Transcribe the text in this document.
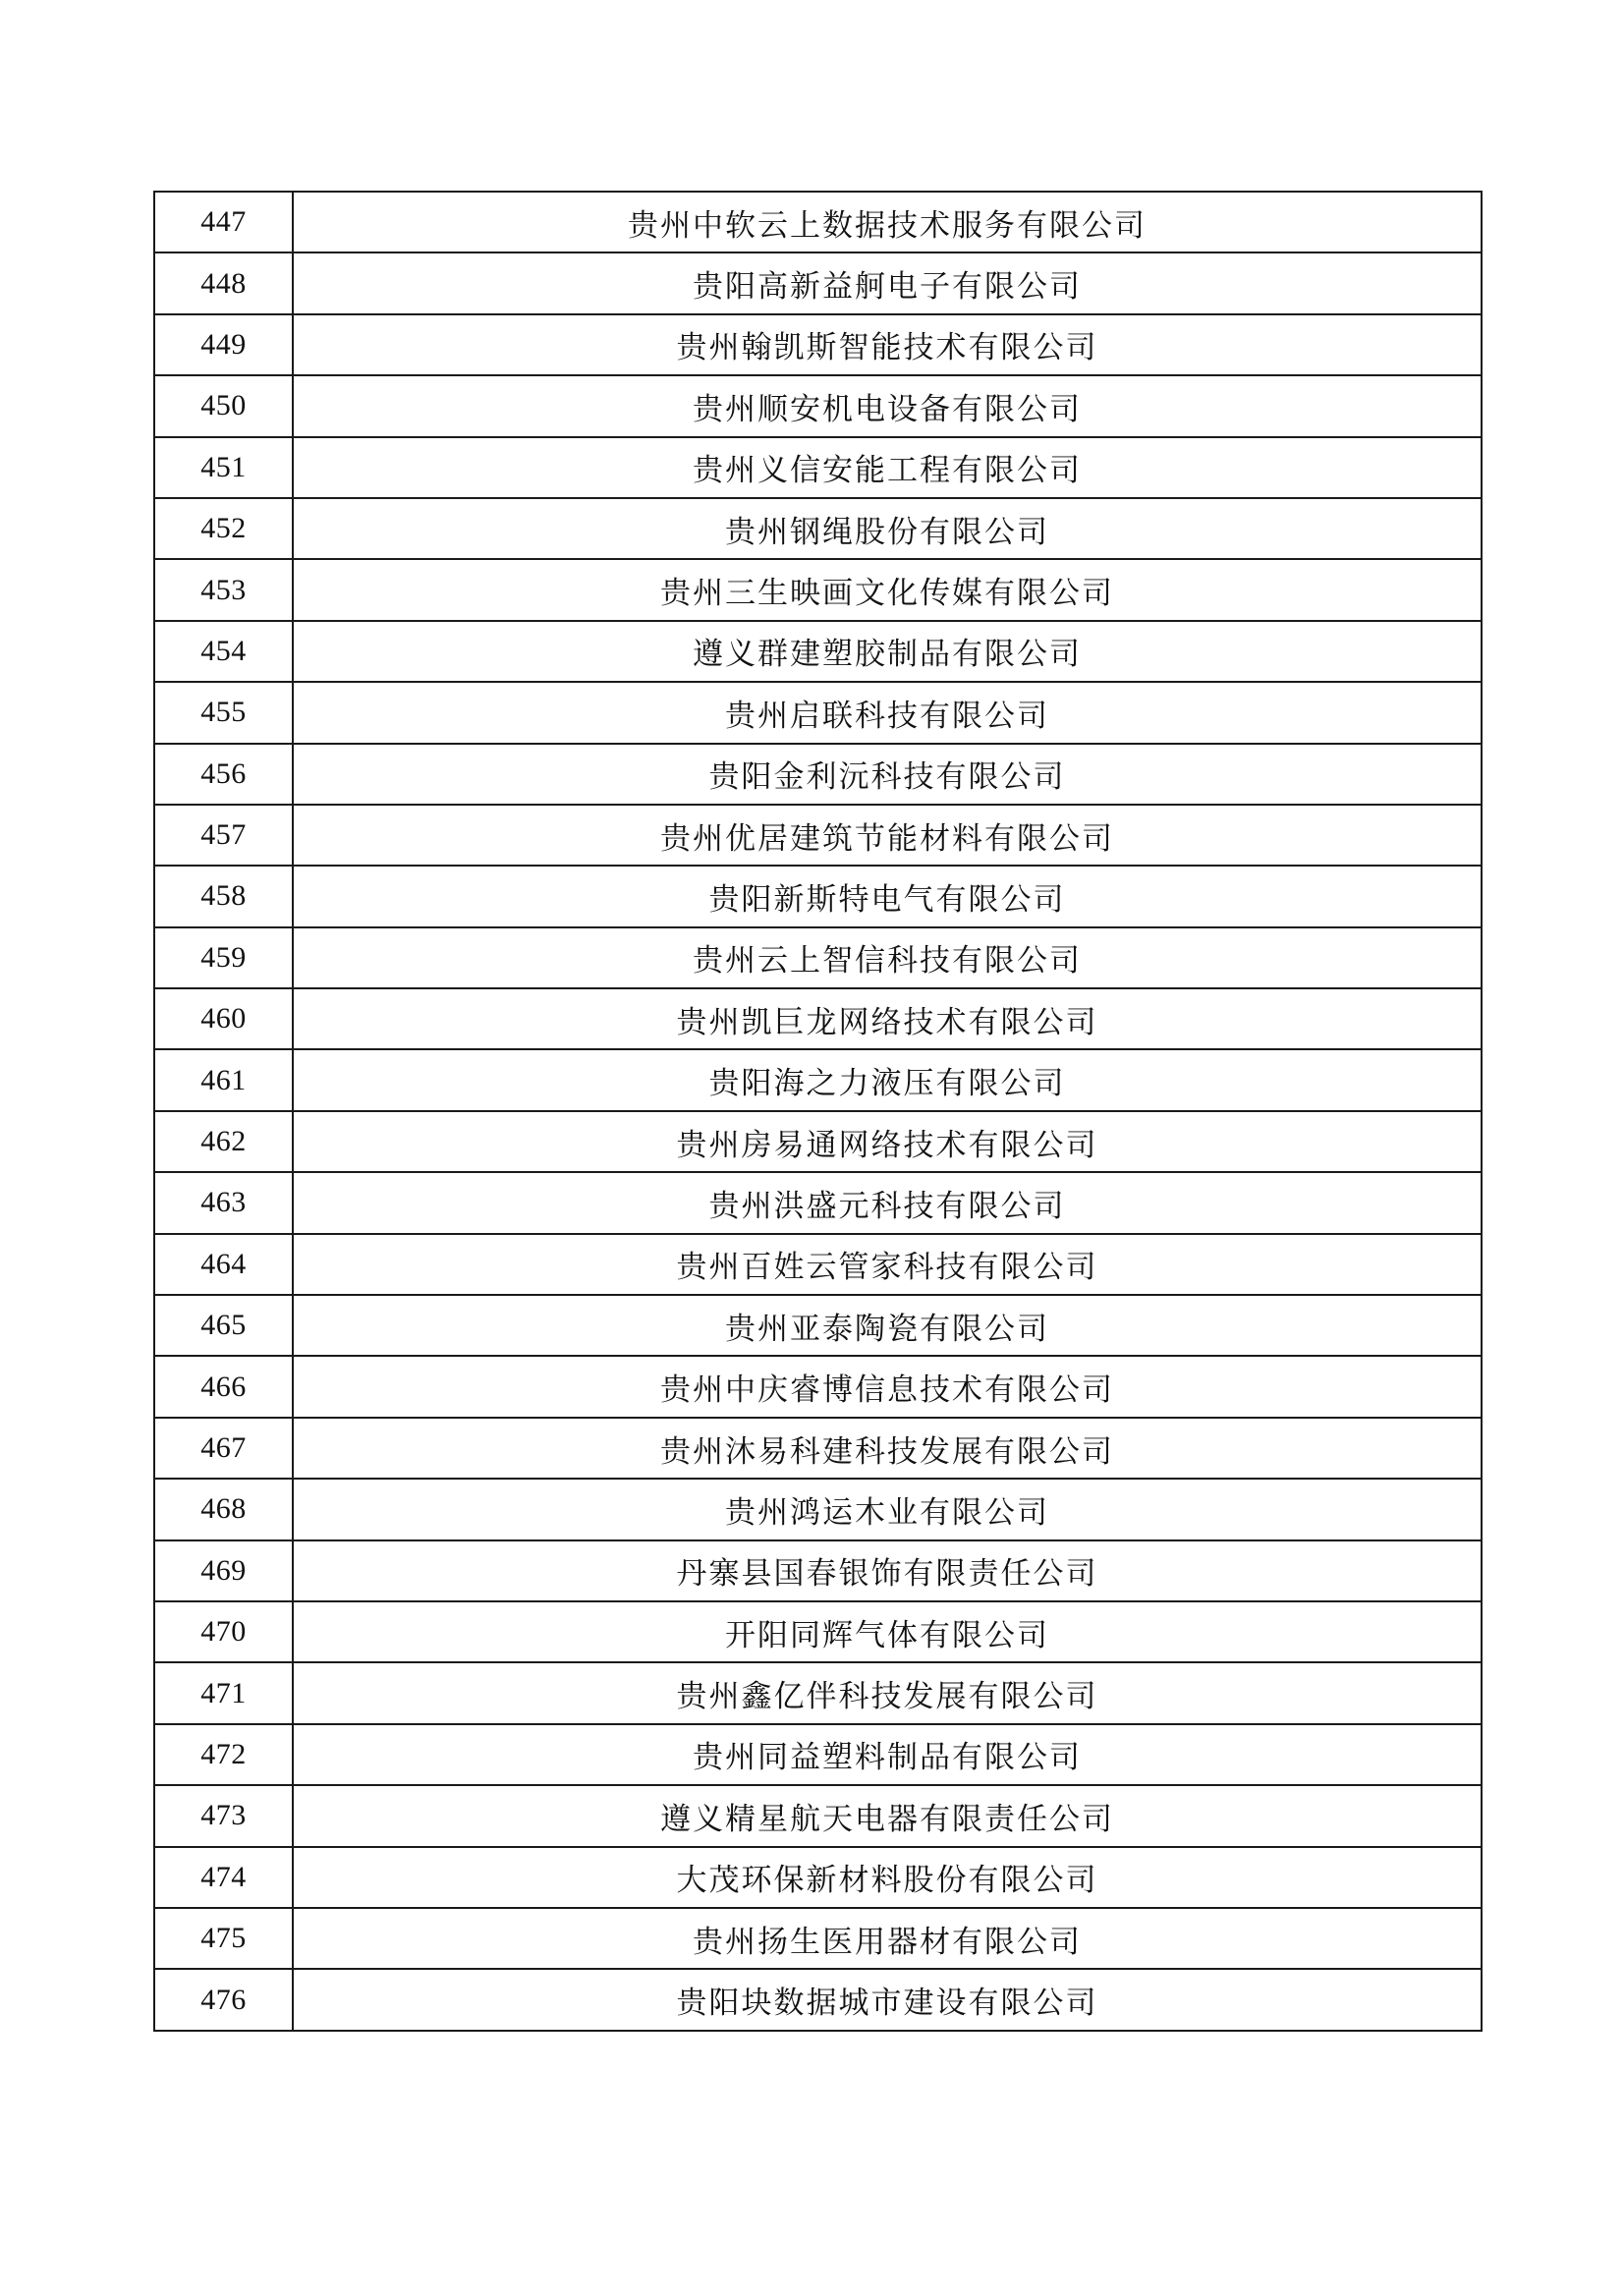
447	贵州中软云上数据技术服务有限公司
448	贵阳高新益舸电子有限公司
449	贵州翰凯斯智能技术有限公司
450	贵州顺安机电设备有限公司
451	贵州义信安能工程有限公司
452	贵州钢绳股份有限公司
453	贵州三生映画文化传媒有限公司
454	遵义群建塑胶制品有限公司
455	贵州启联科技有限公司
456	贵阳金利沅科技有限公司
457	贵州优居建筑节能材料有限公司
458	贵阳新斯特电气有限公司
459	贵州云上智信科技有限公司
460	贵州凯巨龙网络技术有限公司
461	贵阳海之力液压有限公司
462	贵州房易通网络技术有限公司
463	贵州洪盛元科技有限公司
464	贵州百姓云管家科技有限公司
465	贵州亚泰陶瓷有限公司
466	贵州中庆睿博信息技术有限公司
467	贵州沐易科建科技发展有限公司
468	贵州鸿运木业有限公司
469	丹寨县国春银饰有限责任公司
470	开阳同辉气体有限公司
471	贵州鑫亿伴科技发展有限公司
472	贵州同益塑料制品有限公司
473	遵义精星航天电器有限责任公司
474	大茂环保新材料股份有限公司
475	贵州扬生医用器材有限公司
476	贵阳块数据城市建设有限公司
